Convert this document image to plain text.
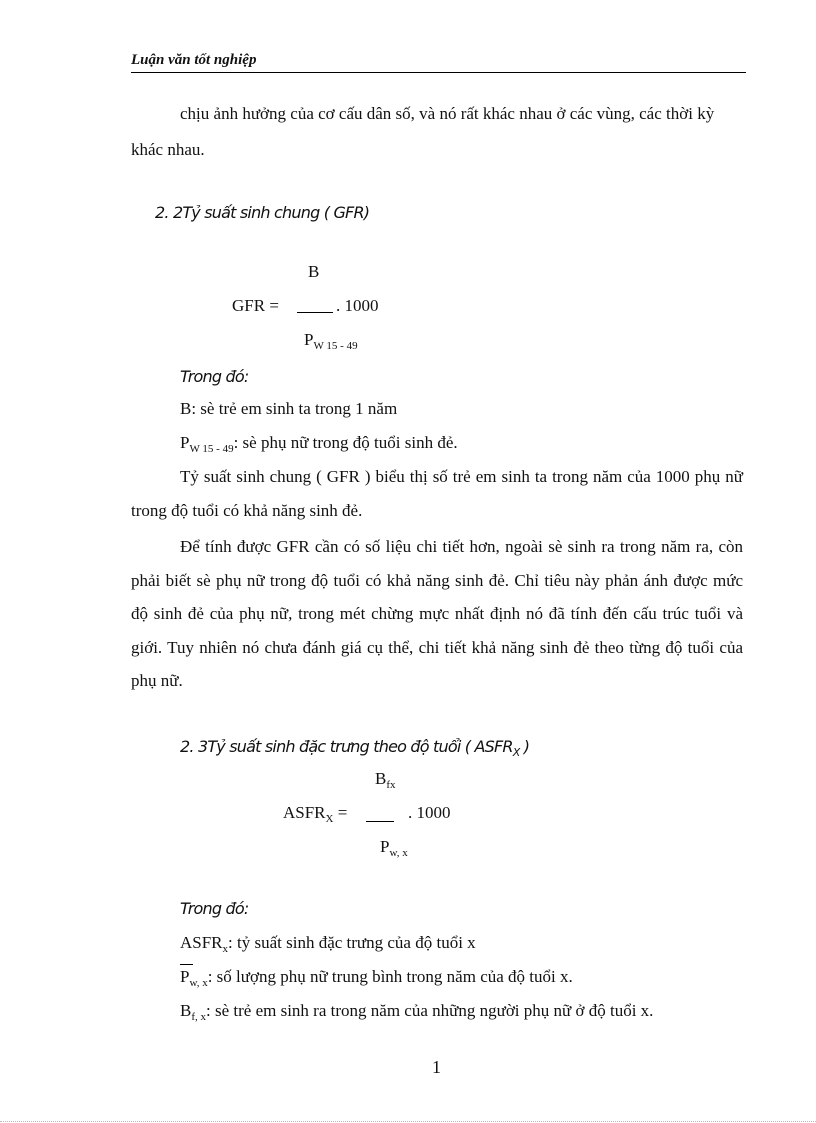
Luận văn tốt nghiệp
chịu ảnh hưởng của cơ cấu dân số, và nó rất khác nhau ở các vùng, các thời kỳ
khác nhau.
2. 2Tỷ suất sinh chung ( GFR)
B
GFR =	. 1000
$P_{W 15 - 49}$
Trong đó:
B: sè trẻ em sinh ta trong 1 năm
$P_{W 15 - 49}$: sè phụ nữ trong độ tuổi sinh đẻ.
Tỷ suất sinh chung ( GFR ) biểu thị số trẻ em sinh ta trong năm của 1000 phụ nữ trong độ tuổi có khả năng sinh đẻ.
Để tính được GFR cần có số liệu chi tiết hơn, ngoài sè sinh ra trong năm ra, còn phải biết sè phụ nữ trong độ tuổi có khả năng sinh đẻ. Chỉ tiêu này phản ánh được mức độ sinh đẻ của phụ nữ, trong mét chừng mực nhất định nó đã tính đến cấu trúc tuổi và giới. Tuy nhiên nó chưa đánh giá cụ thể, chi tiết khả năng sinh đẻ theo từng độ tuổi của phụ nữ.
2. 3Tỷ suất sinh đặc trưng theo độ tuổi ( $ASFR_X$ )
$B_{fx}$
$ASFR_X$ =	. 1000
$P_{w, x}$
Trong đó:
$ASFR_x$: tỷ suất sinh đặc trưng của độ tuổi x
$P_{w, x}$: số lượng phụ nữ trung bình trong năm của độ tuổi x.
$B_{f, x}$: sè trẻ em sinh ra trong năm của những người phụ nữ ở độ tuổi x.
1
